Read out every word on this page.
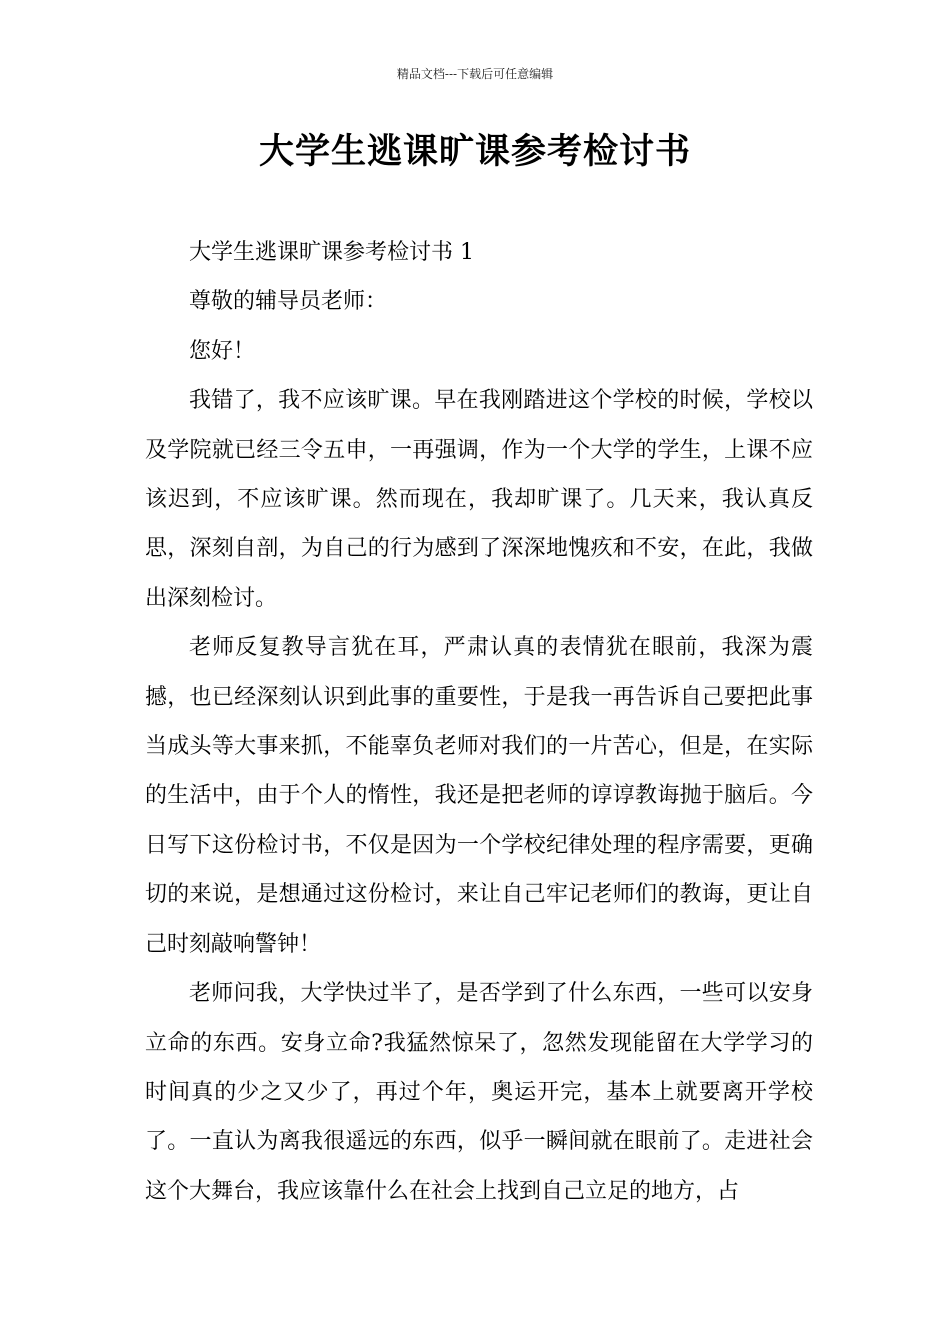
精品文档---下载后可任意编辑
大学生逃课旷课参考检讨书

大学生逃课旷课参考检讨书 1

尊敬的辅导员老师：

您好！

我错了，我不应该旷课。早在我刚踏进这个学校的时候，学校以及学院就已经三令五申，一再强调，作为一个大学的学生，上课不应该迟到，不应该旷课。然而现在，我却旷课了。几天来，我认真反思，深刻自剖，为自己的行为感到了深深地愧疚和不安，在此，我做出深刻检讨。

老师反复教导言犹在耳，严肃认真的表情犹在眼前，我深为震撼，也已经深刻认识到此事的重要性，于是我一再告诉自己要把此事当成头等大事来抓，不能辜负老师对我们的一片苦心，但是，在实际的生活中，由于个人的惰性，我还是把老师的谆谆教诲抛于脑后。今日写下这份检讨书，不仅是因为一个学校纪律处理的程序需要，更确切的来说，是想通过这份检讨，来让自己牢记老师们的教诲，更让自己时刻敲响警钟！

老师问我，大学快过半了，是否学到了什么东西，一些可以安身立命的东西。安身立命?我猛然惊呆了，忽然发现能留在大学学习的时间真的少之又少了，再过个年，奥运开完，基本上就要离开学校了。一直认为离我很遥远的东西，似乎一瞬间就在眼前了。走进社会这个大舞台，我应该靠什么在社会上找到自己立足的地方，占
